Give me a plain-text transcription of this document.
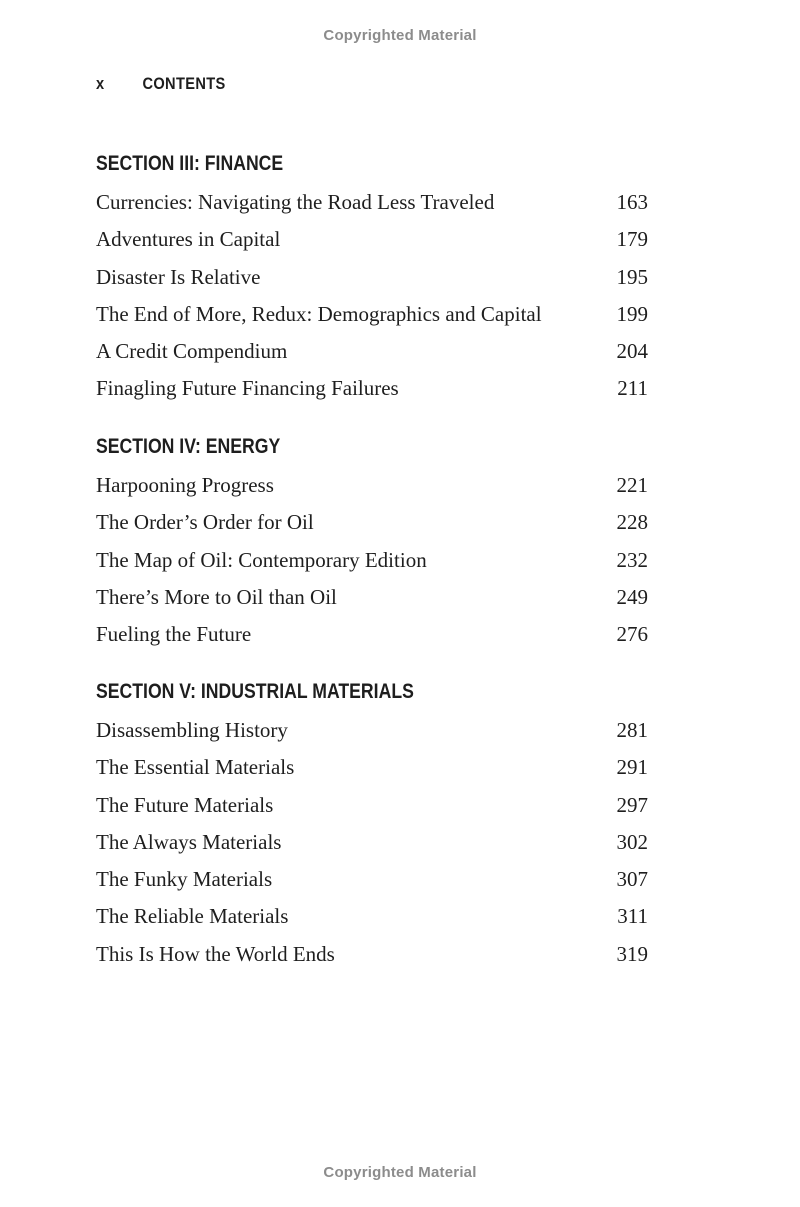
Copyrighted Material
x CONTENTS
SECTION III: FINANCE
Currencies: Navigating the Road Less Traveled	163
Adventures in Capital	179
Disaster Is Relative	195
The End of More, Redux: Demographics and Capital	199
A Credit Compendium	204
Finagling Future Financing Failures	211
SECTION IV: ENERGY
Harpooning Progress	221
The Order’s Order for Oil	228
The Map of Oil: Contemporary Edition	232
There’s More to Oil than Oil	249
Fueling the Future	276
SECTION V: INDUSTRIAL MATERIALS
Disassembling History	281
The Essential Materials	291
The Future Materials	297
The Always Materials	302
The Funky Materials	307
The Reliable Materials	311
This Is How the World Ends	319
Copyrighted Material
